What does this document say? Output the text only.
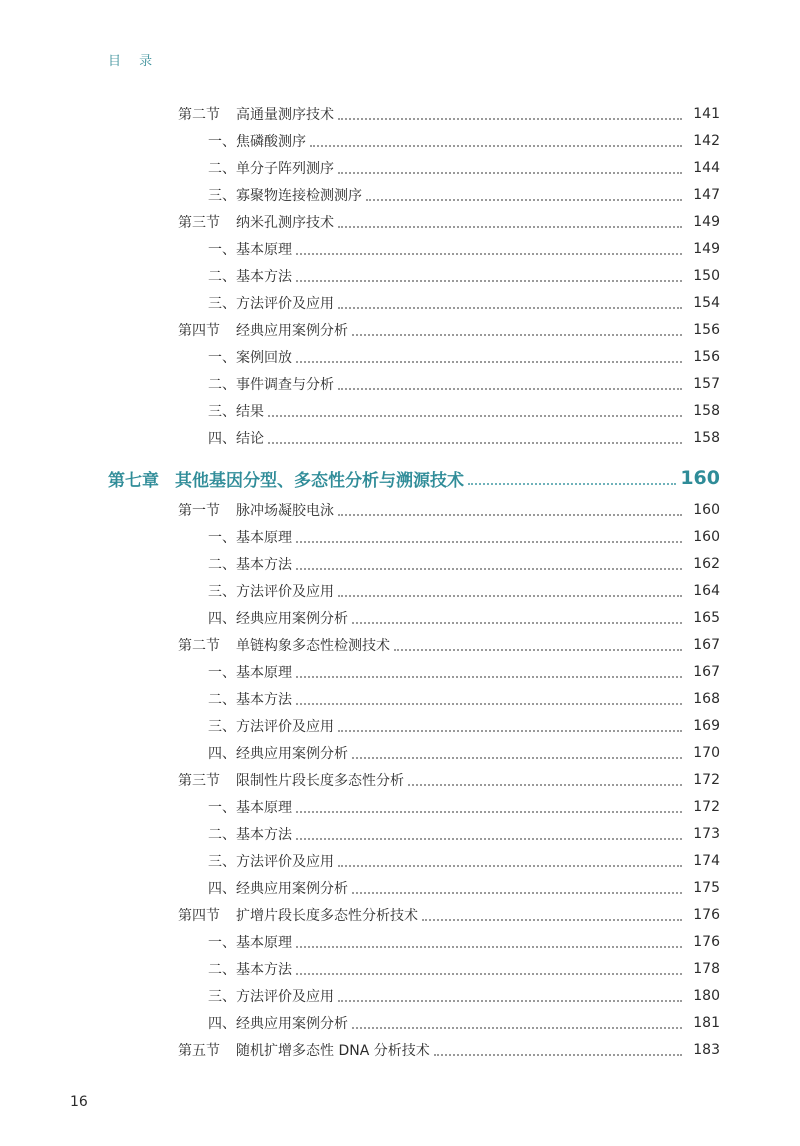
目 录
第二节 高通量测序技术	141
一、焦磷酸测序	142
二、单分子阵列测序	144
三、寡聚物连接检测测序	147
第三节 纳米孔测序技术	149
一、基本原理	149
二、基本方法	150
三、方法评价及应用	154
第四节 经典应用案例分析	156
一、案例回放	156
二、事件调查与分析	157
三、结果	158
四、结论	158
第七章 其他基因分型、多态性分析与溯源技术	160
第一节 脉冲场凝胶电泳	160
一、基本原理	160
二、基本方法	162
三、方法评价及应用	164
四、经典应用案例分析	165
第二节 单链构象多态性检测技术	167
一、基本原理	167
二、基本方法	168
三、方法评价及应用	169
四、经典应用案例分析	170
第三节 限制性片段长度多态性分析	172
一、基本原理	172
二、基本方法	173
三、方法评价及应用	174
四、经典应用案例分析	175
第四节 扩增片段长度多态性分析技术	176
一、基本原理	176
二、基本方法	178
三、方法评价及应用	180
四、经典应用案例分析	181
第五节 随机扩增多态性 DNA 分析技术	183
16
